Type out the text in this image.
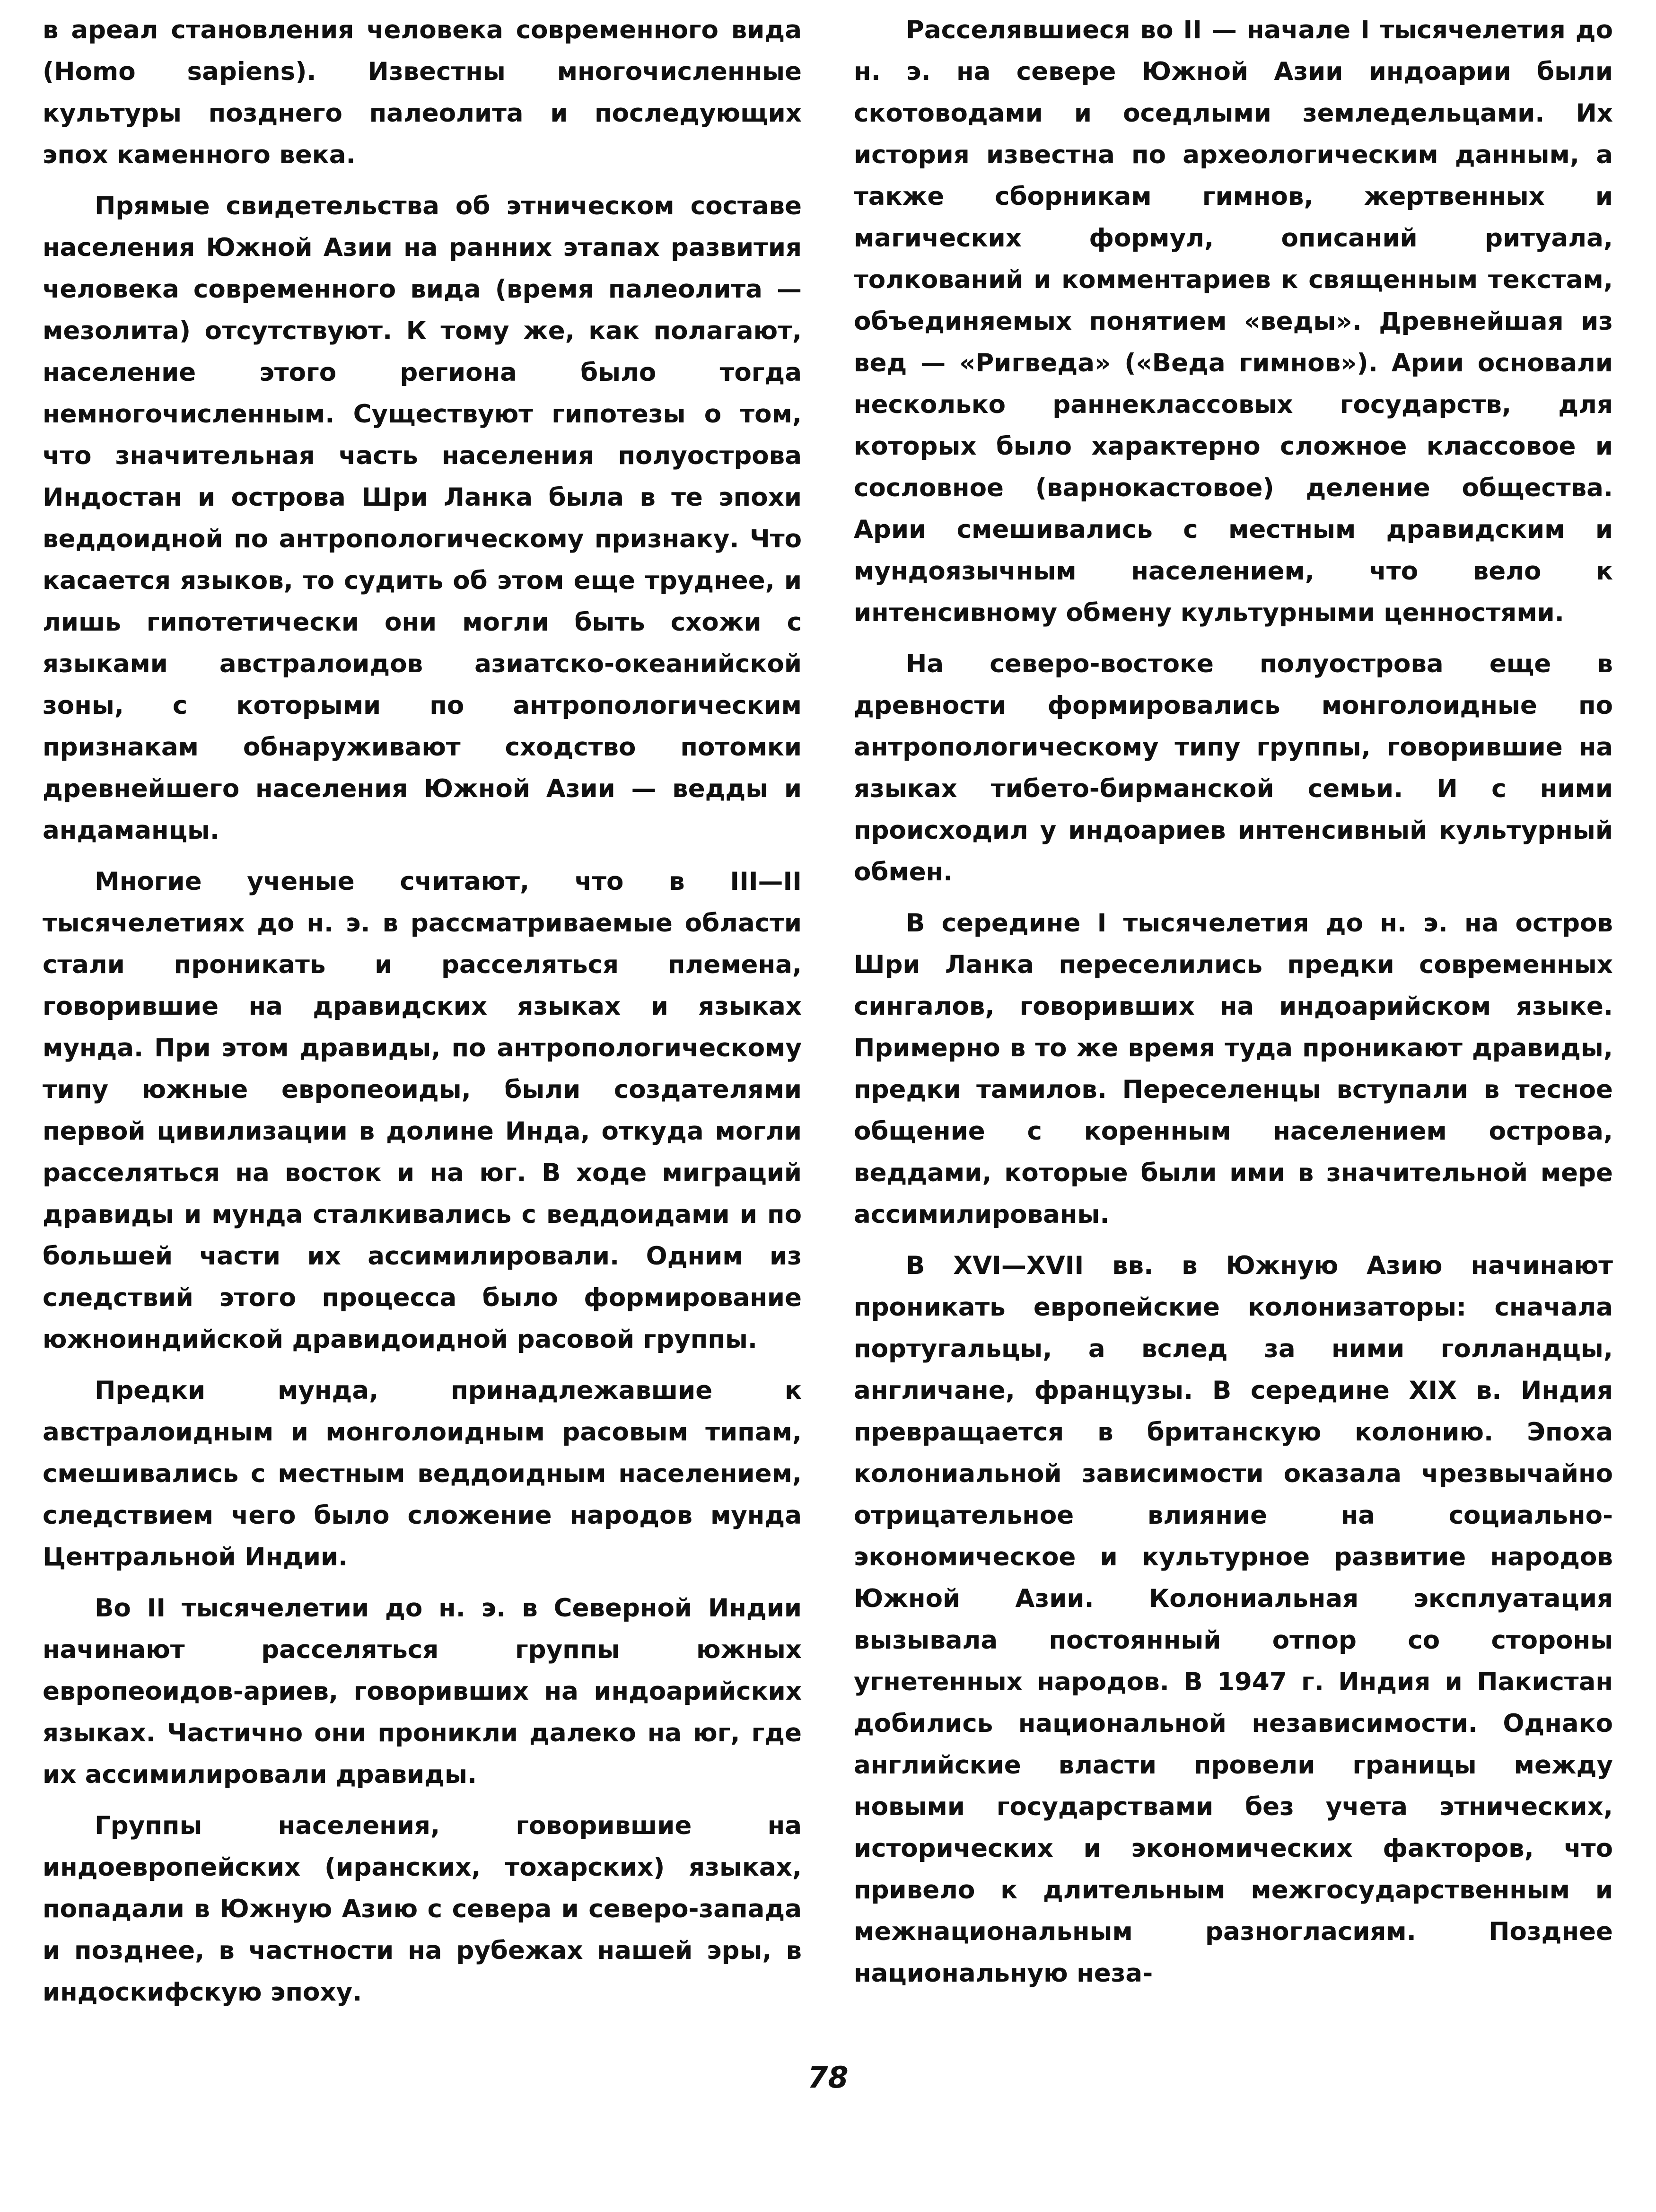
в ареал становления человека современного вида (Homo sapiens). Известны многочисленные культуры позднего палеолита и последующих эпох каменного века.

Прямые свидетельства об этническом составе населения Южной Азии на ранних этапах развития человека современного вида (время палеолита — мезолита) отсутствуют. К тому же, как полагают, население этого региона было тогда немногочисленным. Существуют гипотезы о том, что значительная часть населения полуострова Индостан и острова Шри Ланка была в те эпохи веддоидной по антропологическому признаку. Что касается языков, то судить об этом еще труднее, и лишь гипотетически они могли быть схожи с языками австралоидов азиатско-океанийской зоны, с которыми по антропологическим признакам обнаруживают сходство потомки древнейшего населения Южной Азии — ведды и андаманцы.

Многие ученые считают, что в III—II тысячелетиях до н. э. в рассматриваемые области стали проникать и расселяться племена, говорившие на дравидских языках и языках мунда. При этом дравиды, по антропологическому типу южные европеоиды, были создателями первой цивилизации в долине Инда, откуда могли расселяться на восток и на юг. В ходе миграций дравиды и мунда сталкивались с веддоидами и по большей части их ассимилировали. Одним из следствий этого процесса было формирование южноиндийской дравидоидной расовой группы.

Предки мунда, принадлежавшие к австралоидным и монголоидным расовым типам, смешивались с местным веддоидным населением, следствием чего было сложение народов мунда Центральной Индии.

Во II тысячелетии до н. э. в Северной Индии начинают расселяться группы южных европеоидов-ариев, говоривших на индоарийских языках. Частично они проникли далеко на юг, где их ассимилировали дравиды.

Группы населения, говорившие на индоевропейских (иранских, тохарских) языках, попадали в Южную Азию с севера и северо-запада и позднее, в частности на рубежах нашей эры, в индоскифскую эпоху.

Расселявшиеся во II — начале I тысячелетия до н. э. на севере Южной Азии индоарии были скотоводами и оседлыми земледельцами. Их история известна по археологическим данным, а также сборникам гимнов, жертвенных и магических формул, описаний ритуала, толкований и комментариев к священным текстам, объединяемых понятием «веды». Древнейшая из вед — «Ригведа» («Веда гимнов»). Арии основали несколько раннеклассовых государств, для которых было характерно сложное классовое и сословное (варнокастовое) деление общества. Арии смешивались с местным дравидским и мундоязычным населением, что вело к интенсивному обмену культурными ценностями.

На северо-востоке полуострова еще в древности формировались монголоидные по антропологическому типу группы, говорившие на языках тибето-бирманской семьи. И с ними происходил у индоариев интенсивный культурный обмен.

В середине I тысячелетия до н. э. на остров Шри Ланка переселились предки современных сингалов, говоривших на индоарийском языке. Примерно в то же время туда проникают дравиды, предки тамилов. Переселенцы вступали в тесное общение с коренным населением острова, веддами, которые были ими в значительной мере ассимилированы.

В XVI—XVII вв. в Южную Азию начинают проникать европейские колонизаторы: сначала португальцы, а вслед за ними голландцы, англичане, французы. В середине XIX в. Индия превращается в британскую колонию. Эпоха колониальной зависимости оказала чрезвычайно отрицательное влияние на социально-экономическое и культурное развитие народов Южной Азии. Колониальная эксплуатация вызывала постоянный отпор со стороны угнетенных народов. В 1947 г. Индия и Пакистан добились национальной независимости. Однако английские власти провели границы между новыми государствами без учета этнических, исторических и экономических факторов, что привело к длительным межгосударственным и межнациональным разногласиям. Позднее национальную неза-

78
